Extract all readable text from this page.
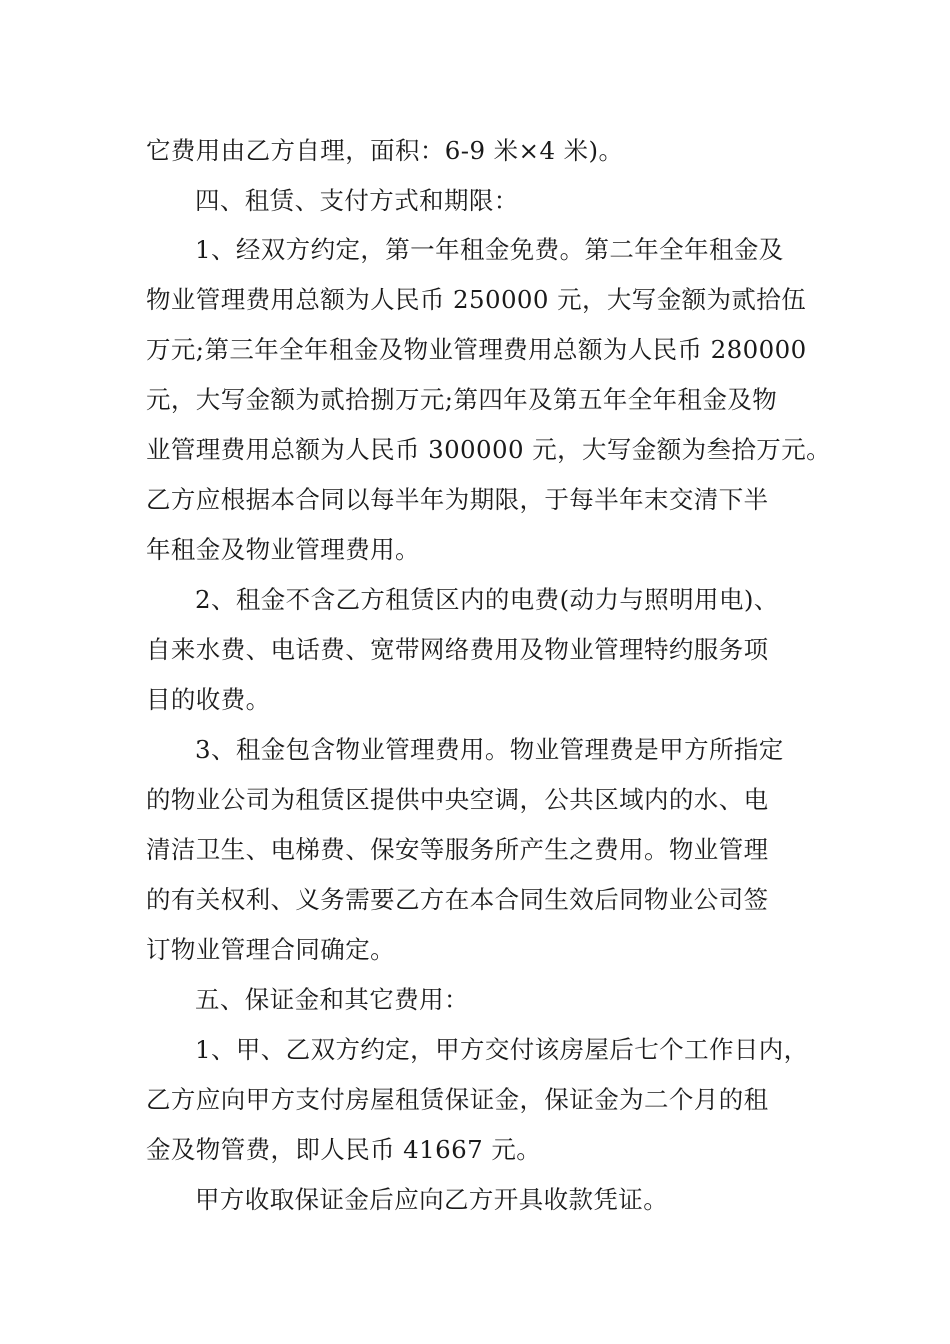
它费用由乙方自理，面积：6-9 米×4 米)。
四、租赁、支付方式和期限：
1、经双方约定，第一年租金免费。第二年全年租金及
物业管理费用总额为人民币 250000 元，大写金额为贰拾伍
万元;第三年全年租金及物业管理费用总额为人民币 280000
元，大写金额为贰拾捌万元;第四年及第五年全年租金及物
业管理费用总额为人民币 300000 元，大写金额为叁拾万元。
乙方应根据本合同以每半年为期限，于每半年末交清下半
年租金及物业管理费用。
2、租金不含乙方租赁区内的电费(动力与照明用电)、
自来水费、电话费、宽带网络费用及物业管理特约服务项
目的收费。
3、租金包含物业管理费用。物业管理费是甲方所指定
的物业公司为租赁区提供中央空调，公共区域内的水、电
清洁卫生、电梯费、保安等服务所产生之费用。物业管理
的有关权利、义务需要乙方在本合同生效后同物业公司签
订物业管理合同确定。
五、保证金和其它费用：
1、甲、乙双方约定，甲方交付该房屋后七个工作日内，
乙方应向甲方支付房屋租赁保证金，保证金为二个月的租
金及物管费，即人民币 41667 元。
甲方收取保证金后应向乙方开具收款凭证。
